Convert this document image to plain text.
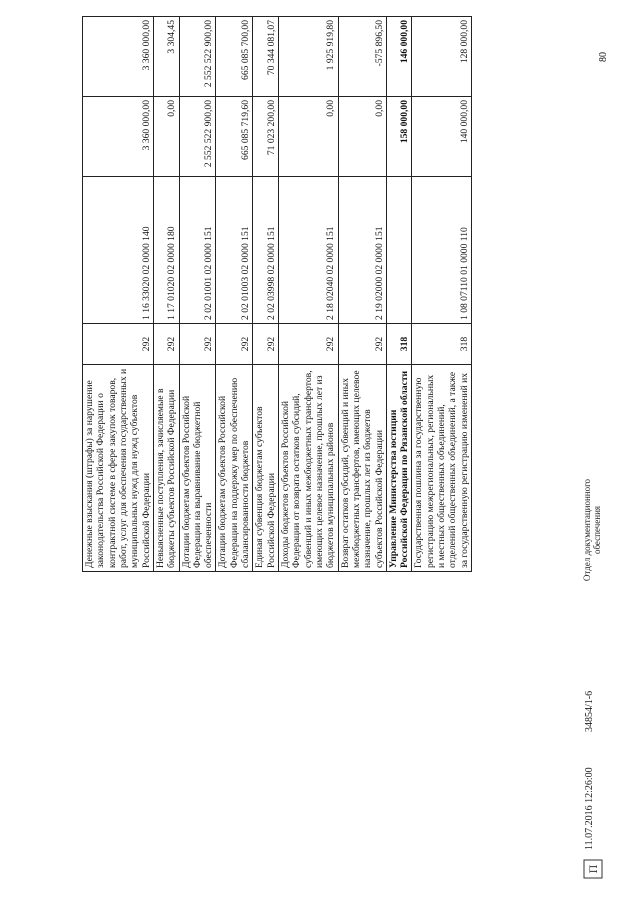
80
Денежные взыскания (штрафы) за нарушение законодательства Российской Федерации о контрактной системе в сфере закупок товаров, работ, услуг для обеспечения государственных и муниципальных нужд для нужд субъектов Российской Федерации	292	1 16 33020 02 0000 140	3 360 000,00	3 360 000,00
Невыясненные поступления, зачисляемые в бюджеты субъектов Российской Федерации	292	1 17 01020 02 0000 180	0,00	3 304,45
Дотации бюджетам субъектов Российской Федерации на выравнивание бюджетной обеспеченности	292	2 02 01001 02 0000 151	2 552 522 900,00	2 552 522 900,00
Дотации бюджетам субъектов Российской Федерации на поддержку мер по обеспечению сбалансированности бюджетов	292	2 02 01003 02 0000 151	665 085 719,60	665 085 700,00
Единая субвенция бюджетам субъектов Российской Федерации	292	2 02 03998 02 0000 151	71 023 200,00	70 344 081,07
Доходы бюджетов субъектов Российской Федерации от возврата остатков субсидий, субвенций и иных межбюджетных трансфертов, имеющих целевое назначение, прошлых лет из бюджетов муниципальных районов	292	2 18 02040 02 0000 151	0,00	1 925 919,80
Возврат остатков субсидий, субвенций и иных межбюджетных трансфертов, имеющих целевое назначение, прошлых лет из бюджетов субъектов Российской Федерации	292	2 19 02000 02 0000 151	0,00	-575 896,50
Управление Министерства юстиции Российской Федерации по Рязанской области	318		158 000,00	146 000,00
Государственная пошлина за государственную регистрацию межрегиональных, региональных и местных общественных объединений, отделений общественных объединений, а также за государственную регистрацию изменений их	318	1 08 07110 01 0000 110	140 000,00	128 000,00
П
11.07.2016 12:26:00
34854/1-6
Отдел документационного обеспечения
